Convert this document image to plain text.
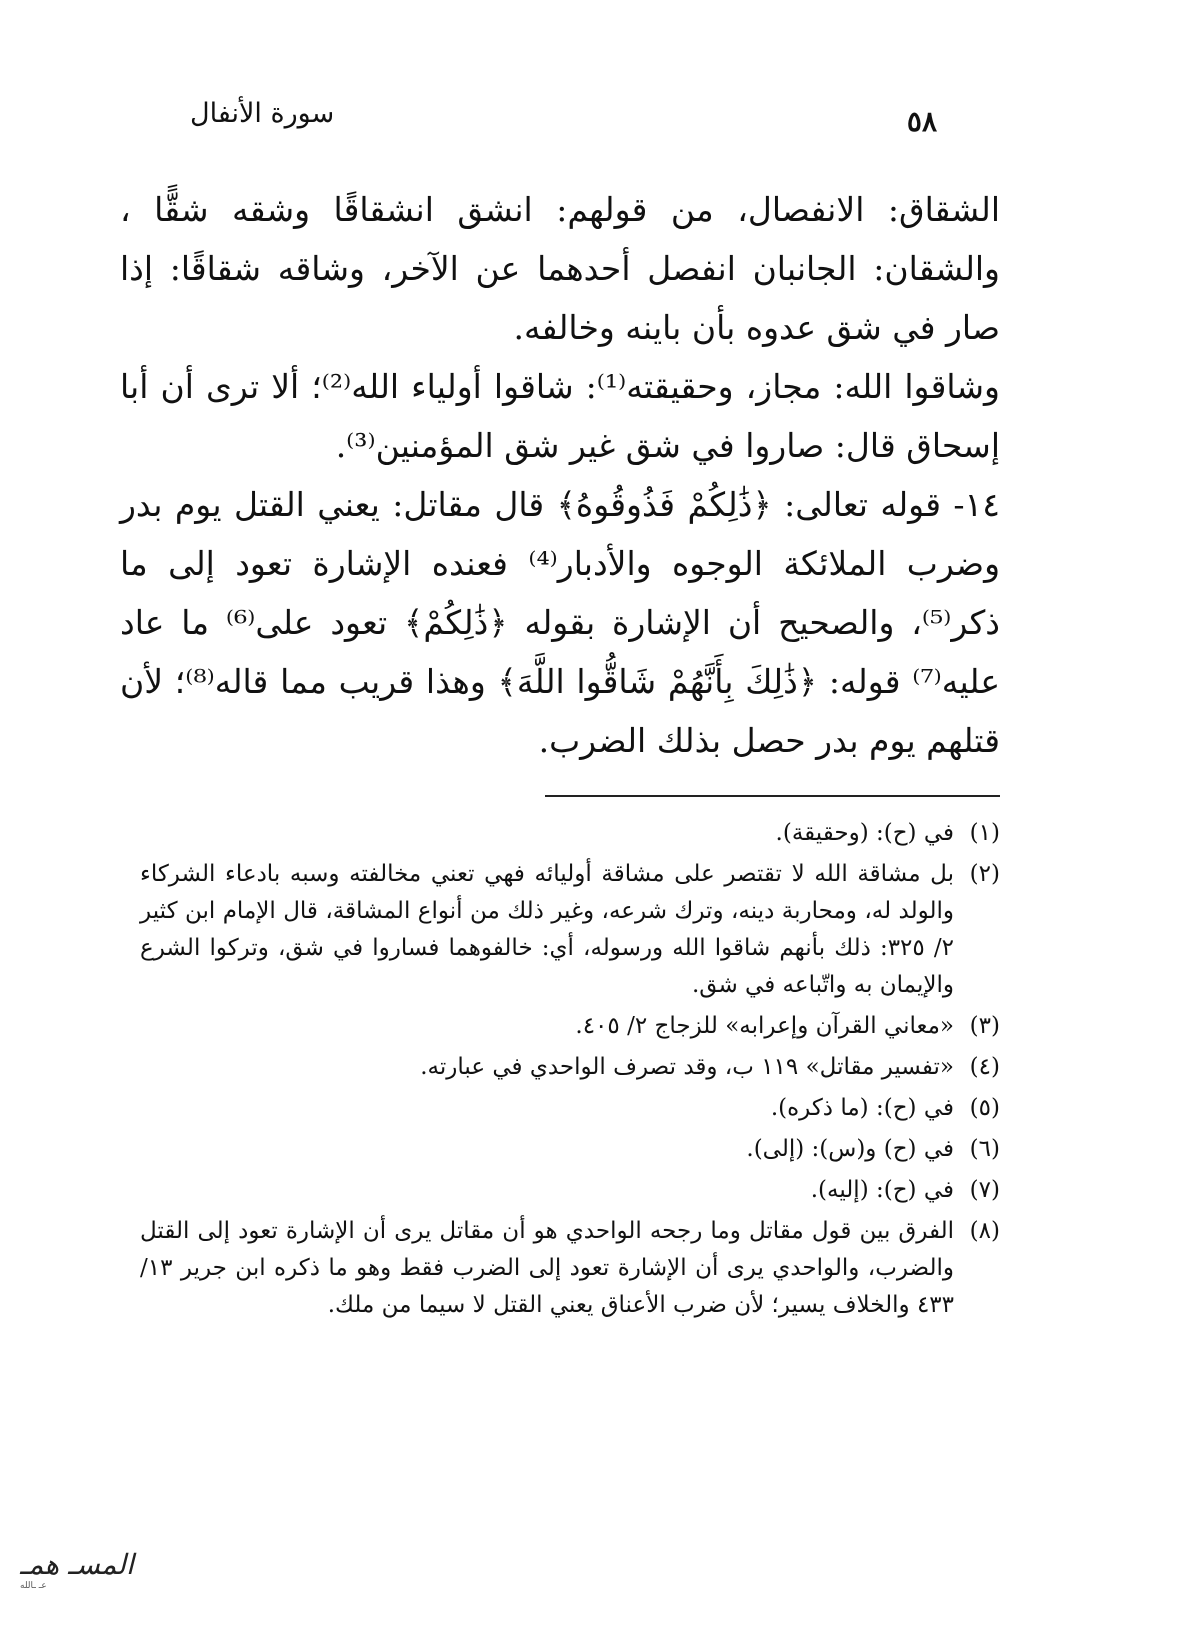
سورة الأنفال	٥٨

الشقاق: الانفصال، من قولهم: انشق انشقاقًا وشقه شقًّا ، والشقان: الجانبان انفصل أحدهما عن الآخر، وشاقه شقاقًا: إذا صار في شق عدوه بأن باينه وخالفه.

وشاقوا الله: مجاز، وحقيقته⁽¹⁾: شاقوا أولياء الله⁽²⁾؛ ألا ترى أن أبا إسحاق قال: صاروا في شق غير شق المؤمنين⁽³⁾.

١٤- قوله تعالى: ﴿ذَٰلِكُمْ فَذُوقُوهُ﴾ قال مقاتل: يعني القتل يوم بدر وضرب الملائكة الوجوه والأدبار⁽⁴⁾ فعنده الإشارة تعود إلى ما ذكر⁽⁵⁾، والصحيح أن الإشارة بقوله ﴿ذَٰلِكُمْ﴾ تعود على⁽⁶⁾ ما عاد عليه⁽⁷⁾ قوله: ﴿ذَٰلِكَ بِأَنَّهُمْ شَاقُّوا اللَّهَ﴾ وهذا قريب مما قاله⁽⁸⁾؛ لأن قتلهم يوم بدر حصل بذلك الضرب.

(١)
في (ح): (وحقيقة).
(٢)
بل مشاقة الله لا تقتصر على مشاقة أوليائه فهي تعني مخالفته وسبه بادعاء الشركاء والولد له، ومحاربة دينه، وترك شرعه، وغير ذلك من أنواع المشاقة، قال الإمام ابن كثير ٢/ ٣٢٥: ذلك بأنهم شاقوا الله ورسوله، أي: خالفوهما فساروا في شق، وتركوا الشرع والإيمان به واتّباعه في شق.
(٣)
«معاني القرآن وإعرابه» للزجاج ٢/ ٤٠٥.
(٤)
«تفسير مقاتل» ١١٩ ب، وقد تصرف الواحدي في عبارته.
(٥)
في (ح): (ما ذكره).
(٦)
في (ح) و(س): (إلى).
(٧)
في (ح): (إليه).
(٨)
الفرق بين قول مقاتل وما رجحه الواحدي هو أن مقاتل يرى أن الإشارة تعود إلى القتل والضرب، والواحدي يرى أن الإشارة تعود إلى الضرب فقط وهو ما ذكره ابن جرير ١٣/ ٤٣٣ والخلاف يسير؛ لأن ضرب الأعناق يعني القتل لا سيما من ملك.
المسـ همـ
عـ ـالله
